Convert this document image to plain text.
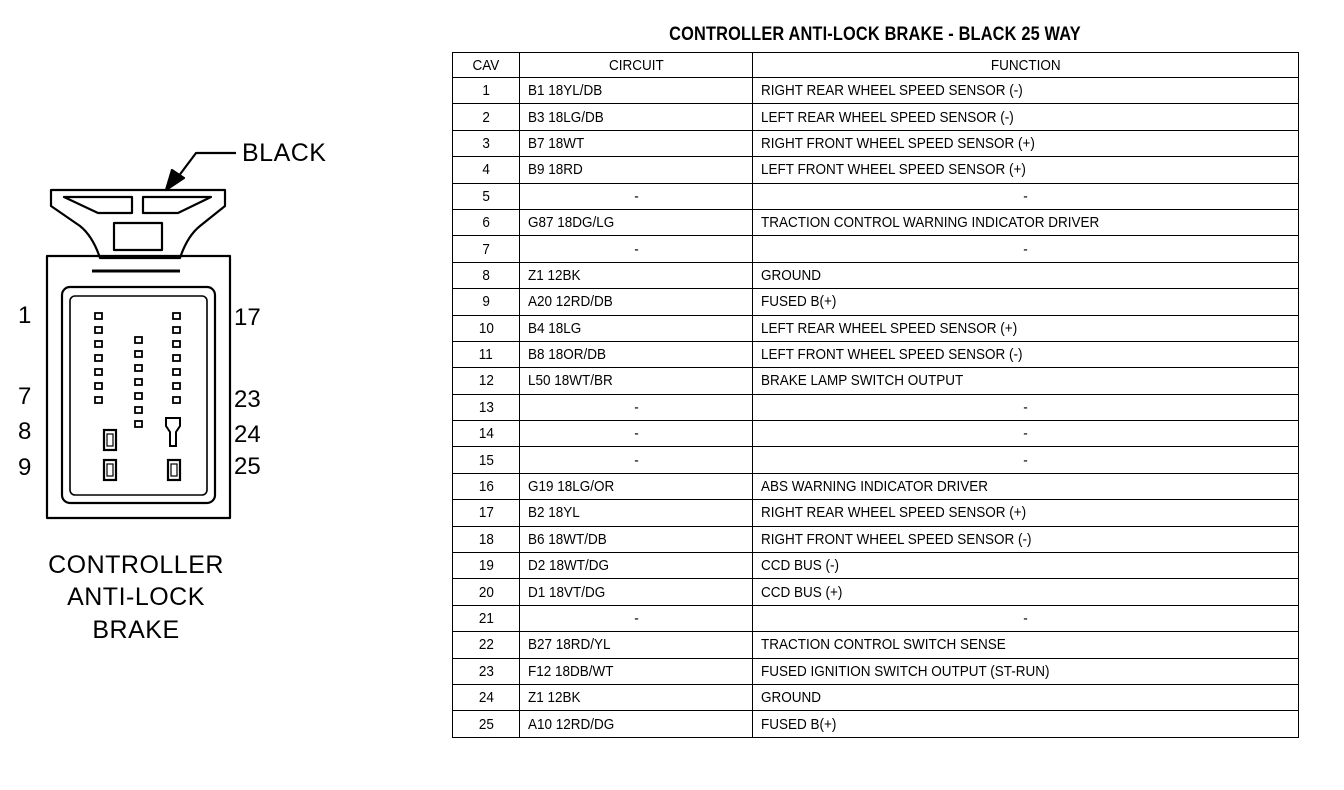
BLACK
1
7
8
9
17
23
24
25
CONTROLLER
ANTI-LOCK
BRAKE
CONTROLLER ANTI-LOCK BRAKE - BLACK 25 WAY
CAV	CIRCUIT	FUNCTION
1	B1 18YL/DB	RIGHT REAR WHEEL SPEED SENSOR (-)
2	B3 18LG/DB	LEFT REAR WHEEL SPEED SENSOR (-)
3	B7 18WT	RIGHT FRONT WHEEL SPEED SENSOR (+)
4	B9 18RD	LEFT FRONT WHEEL SPEED SENSOR (+)
5	-	-
6	G87 18DG/LG	TRACTION CONTROL WARNING INDICATOR DRIVER
7	-	-
8	Z1 12BK	GROUND
9	A20 12RD/DB	FUSED B(+)
10	B4 18LG	LEFT REAR WHEEL SPEED SENSOR (+)
11	B8 18OR/DB	LEFT FRONT WHEEL SPEED SENSOR (-)
12	L50 18WT/BR	BRAKE LAMP SWITCH OUTPUT
13	-	-
14	-	-
15	-	-
16	G19 18LG/OR	ABS WARNING INDICATOR DRIVER
17	B2 18YL	RIGHT REAR WHEEL SPEED SENSOR (+)
18	B6 18WT/DB	RIGHT FRONT WHEEL SPEED SENSOR (-)
19	D2 18WT/DG	CCD BUS (-)
20	D1 18VT/DG	CCD BUS (+)
21	-	-
22	B27 18RD/YL	TRACTION CONTROL SWITCH SENSE
23	F12 18DB/WT	FUSED IGNITION SWITCH OUTPUT (ST-RUN)
24	Z1 12BK	GROUND
25	A10 12RD/DG	FUSED B(+)
